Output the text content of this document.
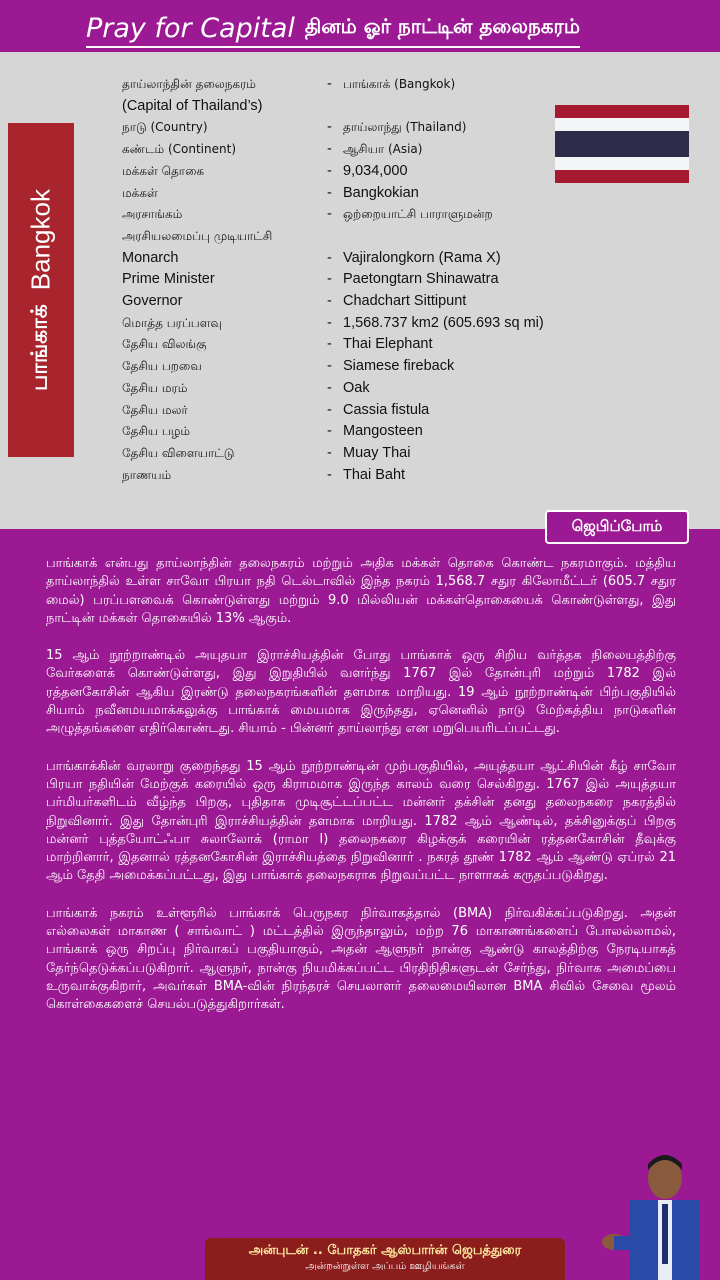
Pray for Capital தினம் ஓர் நாட்டின் தலைநகரம்
பாங்காக்
Bangkok
தாய்லாந்தின் தலைநகரம்	- பாங்காக் (Bangkok)
(Capital of Thailand’s)
நாடு (Country)	- தாய்லாந்து (Thailand)
கண்டம் (Continent)	- ஆசியா (Asia)
மக்கள் தொகை	- 9,034,000
மக்கள்	- Bangkokian
அரசாங்கம்	- ஒற்றையாட்சி பாராளுமன்ற
அரசியலமைப்பு முடியாட்சி
Monarch	- Vajiralongkorn (Rama X)
Prime Minister	- Paetongtarn Shinawatra
Governor	- Chadchart Sittipunt
மொத்த பரப்பளவு	- 1,568.737 km2 (605.693 sq mi)
தேசிய விலங்கு	- Thai Elephant
தேசிய பறவை	- Siamese fireback
தேசிய மரம்	- Oak
தேசிய மலர்	- Cassia fistula
தேசிய பழம்	- Mangosteen
தேசிய விளையாட்டு	- Muay Thai
நாணயம்	- Thai Baht
ஜெபிப்போம்

பாங்காக் என்பது தாய்லாந்தின் தலைநகரம் மற்றும் அதிக மக்கள் தொகை கொண்ட நகரமாகும். மத்திய தாய்லாந்தில் உள்ள சாவோ பிரயா நதி டெல்டாவில் இந்த நகரம் 1,568.7 சதுர கிலோமீட்டர் (605.7 சதுர மைல்) பரப்பளவைக் கொண்டுள்ளது மற்றும் 9.0 மில்லியன் மக்கள்தொகையைக் கொண்டுள்ளது, இது நாட்டின் மக்கள் தொகையில் 13% ஆகும்.

15 ஆம் நூற்றாண்டில் அயுதயா இராச்சியத்தின் போது பாங்காக் ஒரு சிறிய வர்த்தக நிலையத்திற்கு வேர்களைக் கொண்டுள்ளது, இது இறுதியில் வளர்ந்து 1767 இல் தோன்புரி மற்றும் 1782 இல் ரத்தனகோசின் ஆகிய இரண்டு தலைநகரங்களின் தளமாக மாறியது. 19 ஆம் நூற்றாண்டின் பிற்பகுதியில் சியாம் நவீனமயமாக்கலுக்கு பாங்காக் மையமாக இருந்தது, ஏனெனில் நாடு மேற்கத்திய நாடுகளின் அழுத்தங்களை எதிர்கொண்டது. சியாம் - பின்னர் தாய்லாந்து என மறுபெயரிடப்பட்டது.

பாங்காக்கின் வரலாறு குறைந்தது 15 ஆம் நூற்றாண்டின் முற்பகுதியில், அயுத்தயா ஆட்சியின் கீழ் சாவோ பிரயா நதியின் மேற்குக் கரையில் ஒரு கிராமமாக இருந்த காலம் வரை செல்கிறது. 1767 இல் அயுத்தயா பர்மியர்களிடம் வீழ்ந்த பிறகு, புதிதாக முடிசூட்டப்பட்ட மன்னர் தக்சின் தனது தலைநகரை நகரத்தில் நிறுவினார். இது தோன்புரி இராச்சியத்தின் தளமாக மாறியது. 1782 ஆம் ஆண்டில், தக்சினுக்குப் பிறகு மன்னர் புத்தயோட்ஃபா சுலாலோக் (ராமா I) தலைநகரை கிழக்குக் கரையின் ரத்தனகோசின் தீவுக்கு மாற்றினார், இதனால் ரத்தனகோசின் இராச்சியத்தை நிறுவினார் . நகரத் தூண் 1782 ஆம் ஆண்டு ஏப்ரல் 21 ஆம் தேதி அமைக்கப்பட்டது, இது பாங்காக் தலைநகராக நிறுவப்பட்ட நாளாகக் கருதப்படுகிறது.

பாங்காக் நகரம் உள்ளூரில் பாங்காக் பெருநகர நிர்வாகத்தால் (BMA) நிர்வகிக்கப்படுகிறது. அதன் எல்லைகள் மாகாண ( சாங்வாட் ) மட்டத்தில் இருந்தாலும், மற்ற 76 மாகாணங்களைப் போலல்லாமல், பாங்காக் ஒரு சிறப்பு நிர்வாகப் பகுதியாகும், அதன் ஆளுநர் நான்கு ஆண்டு காலத்திற்கு நேரடியாகத் தேர்ந்தெடுக்கப்படுகிறார். ஆளுநர், நான்கு நியமிக்கப்பட்ட பிரதிநிதிகளுடன் சேர்ந்து, நிர்வாக அமைப்பை உருவாக்குகிறார், அவர்கள் BMA-வின் நிரந்தரச் செயலாளர் தலைமையிலான BMA சிவில் சேவை மூலம் கொள்கைகளைச் செயல்படுத்துகிறார்கள்.

அன்புடன் .. போதகர் ஆஸ்பார்ன் ஜெபத்துரை
அன்றன்றுள்ள அப்பம் ஊழியங்கள்
